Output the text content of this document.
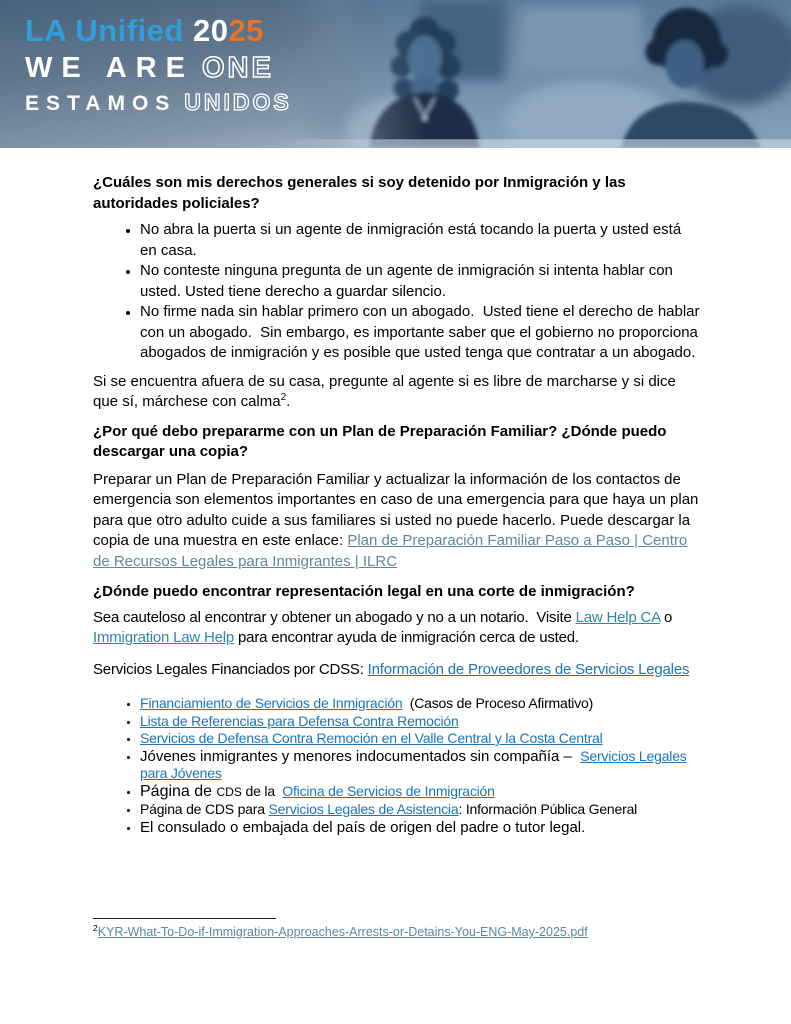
LA Unified 2025
WE ARE ONE
ESTAMOS UNIDOS
¿Cuáles son mis derechos generales si soy detenido por Inmigración y las autoridades policiales?
• No abra la puerta si un agente de inmigración está tocando la puerta y usted está en casa.
• No conteste ninguna pregunta de un agente de inmigración si intenta hablar con usted. Usted tiene derecho a guardar silencio.
• No firme nada sin hablar primero con un abogado.  Usted tiene el derecho de hablar con un abogado.  Sin embargo, es importante saber que el gobierno no proporciona abogados de inmigración y es posible que usted tenga que contratar a un abogado.

Si se encuentra afuera de su casa, pregunte al agente si es libre de marcharse y si dice que sí, márchese con calma$^2$.

¿Por qué debo prepararme con un Plan de Preparación Familiar? ¿Dónde puedo descargar una copia?

Preparar un Plan de Preparación Familiar y actualizar la información de los contactos de emergencia son elementos importantes en caso de una emergencia para que haya un plan para que otro adulto cuide a sus familiares si usted no puede hacerlo. Puede descargar la copia de una muestra en este enlace: Plan de Preparación Familiar Paso a Paso | Centro de Recursos Legales para Inmigrantes | ILRC

¿Dónde puedo encontrar representación legal en una corte de inmigración?

Sea cauteloso al encontrar y obtener un abogado y no a un notario.  Visite Law Help CA o Immigration Law Help para encontrar ayuda de inmigración cerca de usted.

Servicios Legales Financiados por CDSS: Información de Proveedores de Servicios Legales

• Financiamiento de Servicios de Inmigración  (Casos de Proceso Afirmativo)
• Lista de Referencias para Defensa Contra Remoción
• Servicios de Defensa Contra Remoción en el Valle Central y la Costa Central
• Jóvenes inmigrantes y menores indocumentados sin compañía –  Servicios Legales para Jóvenes
• Página de CDS de la  Oficina de Servicios de Inmigración
• Página de CDS para Servicios Legales de Asistencia: Información Pública General
• El consulado o embajada del país de origen del padre o tutor legal.

$^2$KYR-What-To-Do-if-Immigration-Approaches-Arrests-or-Detains-You-ENG-May-2025.pdf
